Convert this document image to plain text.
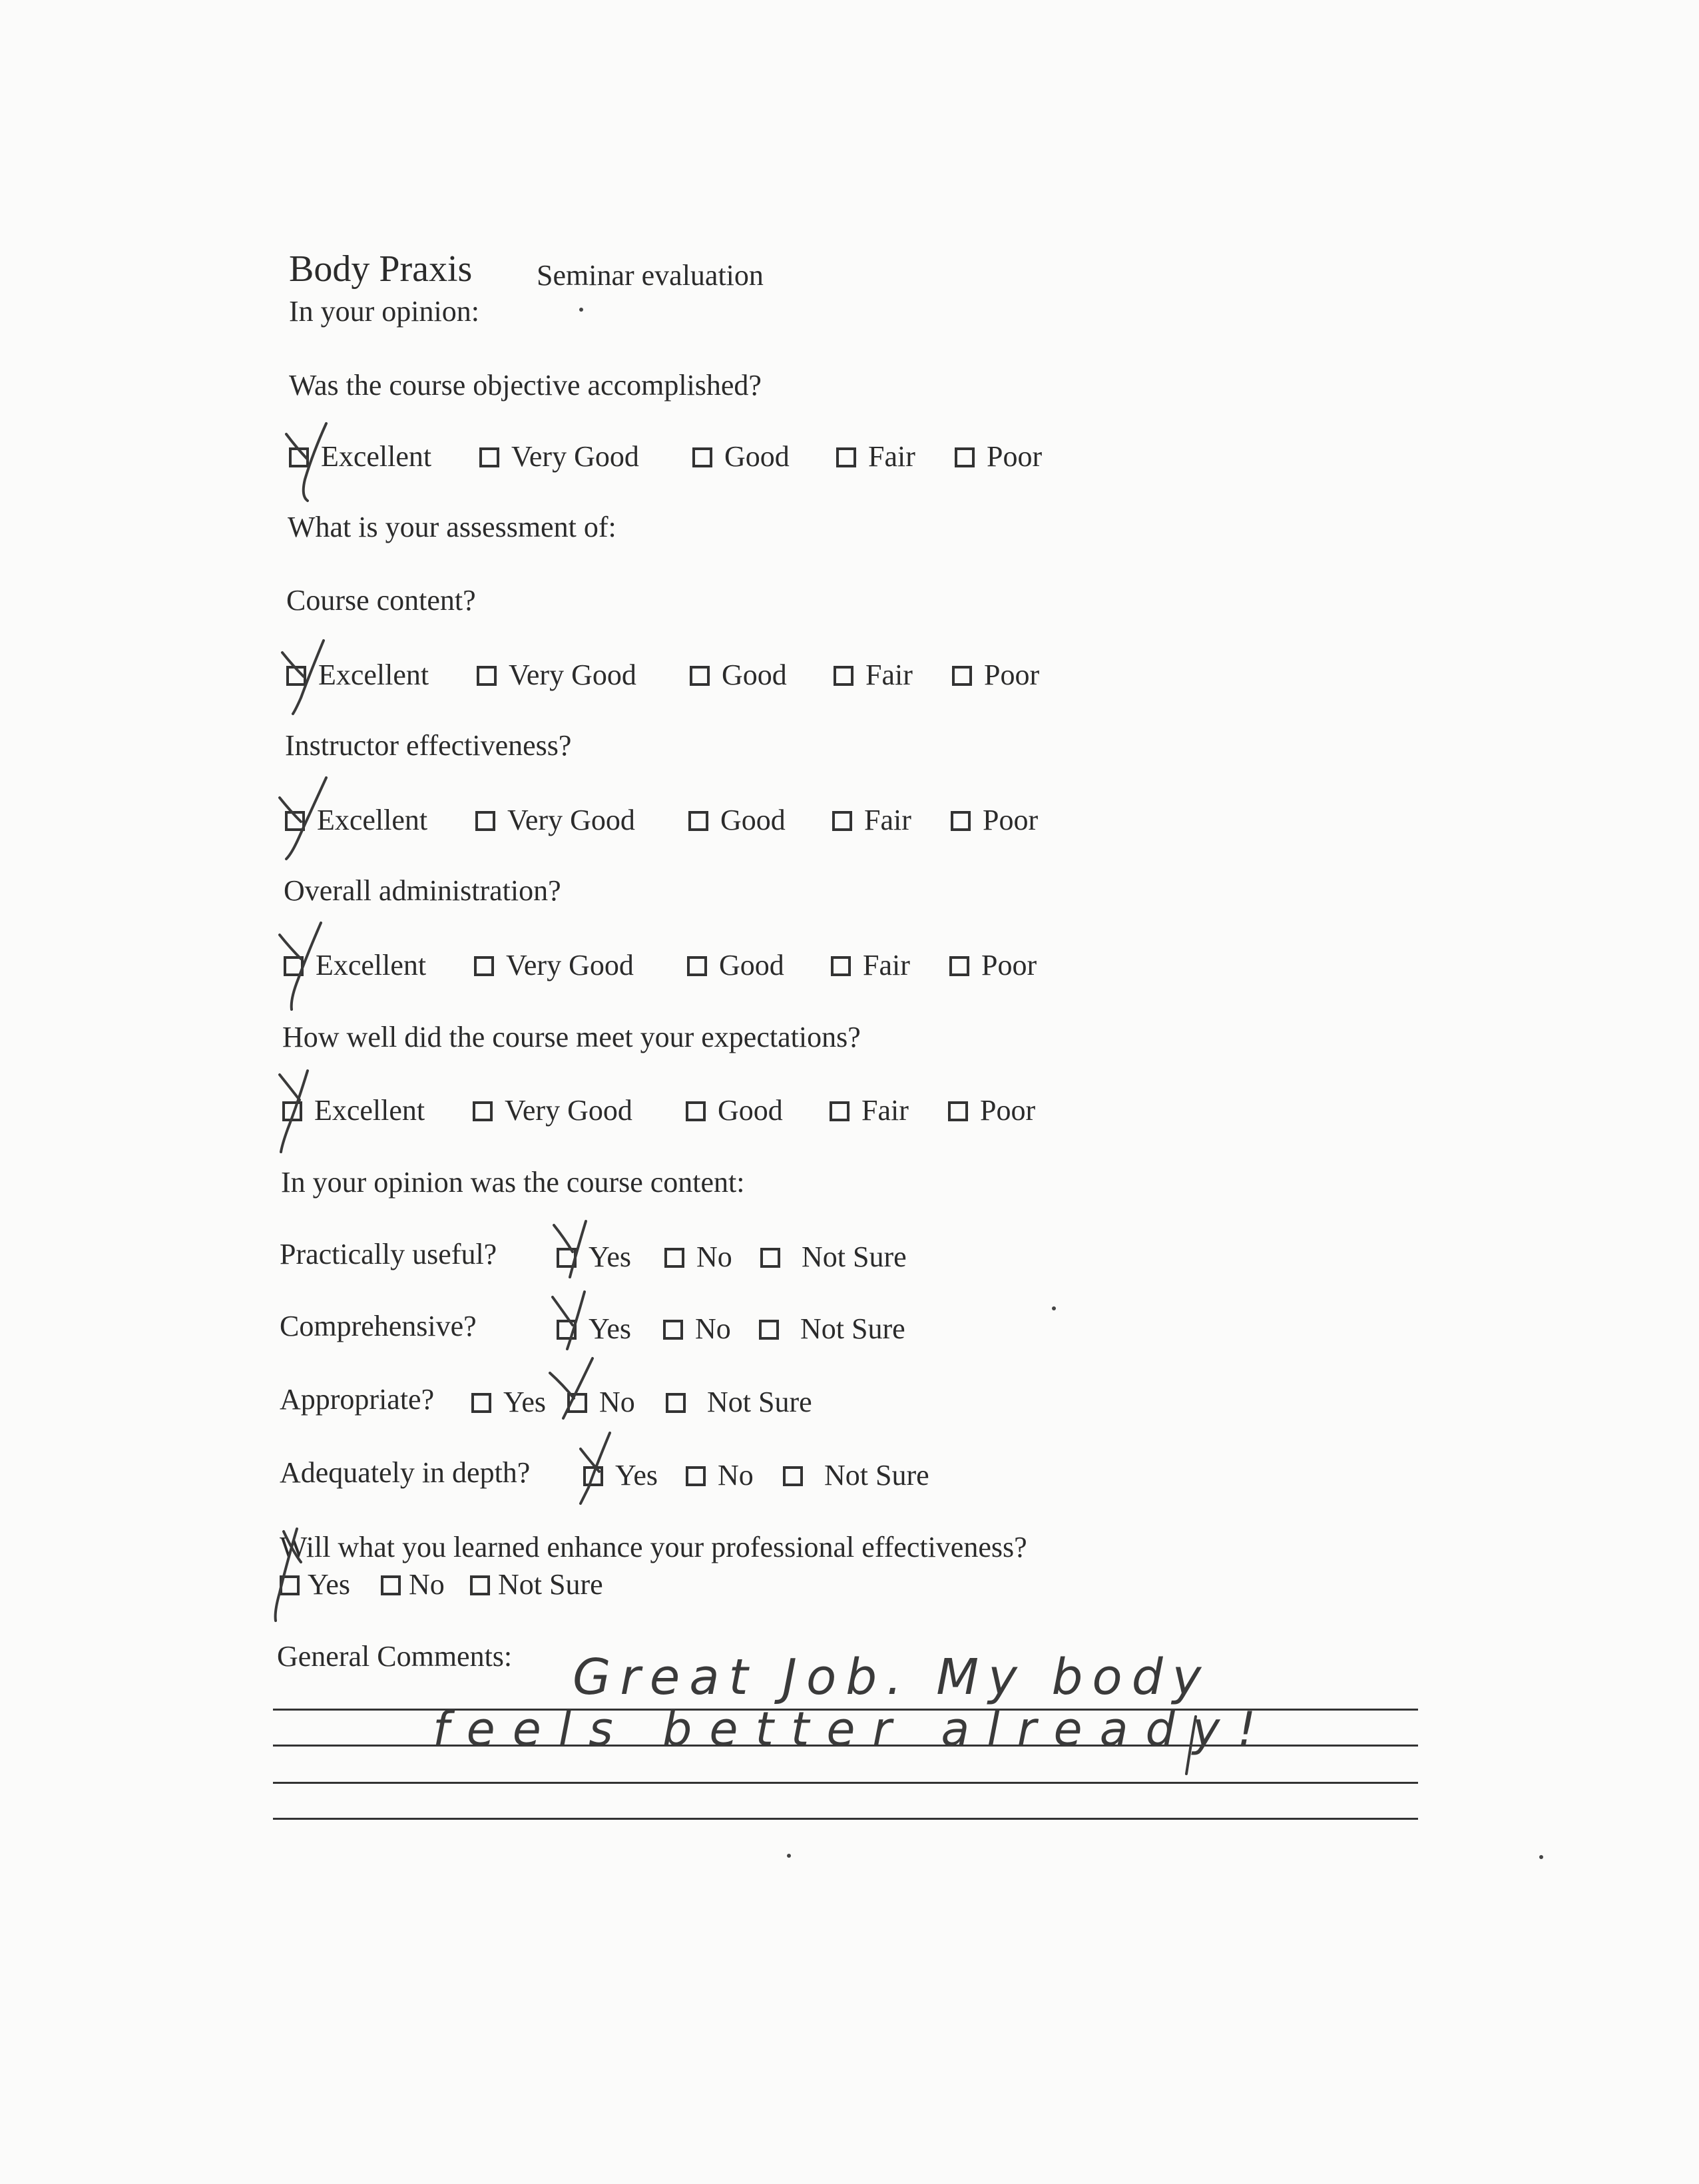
Body Praxis Seminar evaluation
In your opinion:
Was the course objective accomplished?
Excellent	Very Good	Good	Fair Poor
What is your assessment of:
Course content?
Excellent	Very Good	Good	Fair Poor
Instructor effectiveness?
Excellent	Very Good	Good	Fair Poor
Overall administration?
Excellent	Very Good	Good	Fair Poor
How well did the course meet your expectations?
Excellent	Very Good	Good	Fair Poor
In your opinion was the course content:
Practically useful?	Yes No Not Sure
Comprehensive?	Yes No Not Sure
Appropriate? Yes No Not Sure
Adequately in depth?	Yes No Not Sure
Will what you learned enhance your professional effectiveness?
Yes No Not Sure
General Comments: Great Job. My body
feels better already!
